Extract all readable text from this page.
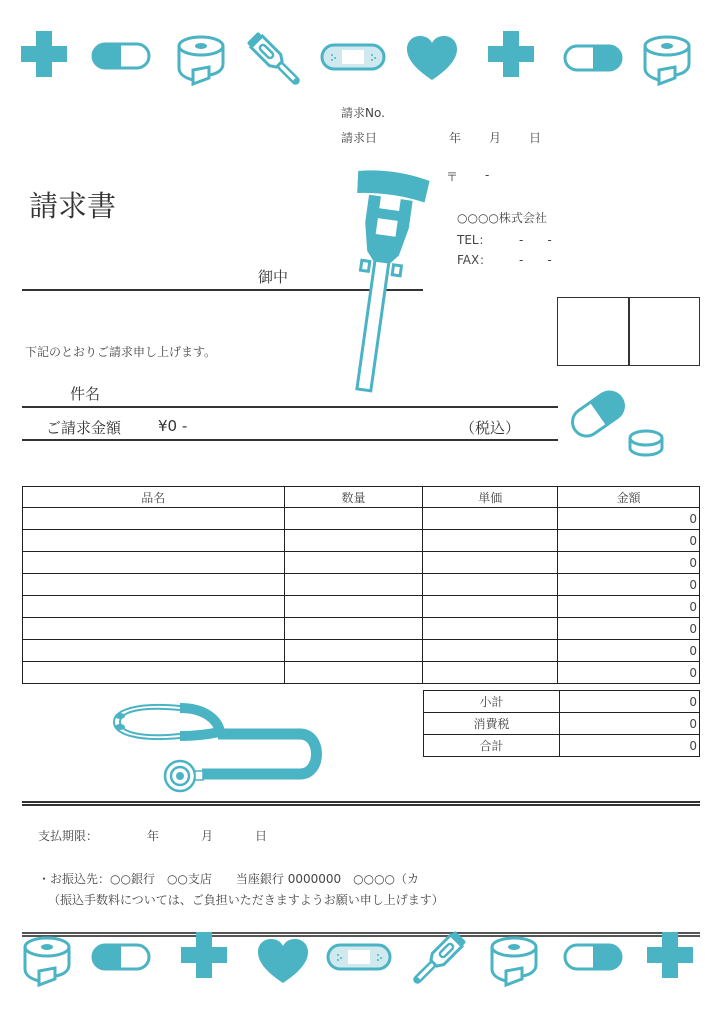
請求No.
請求日	年 月 日
請求書
〒 -
○○○○株式会社
TEL： -　　-
FAX： -　　-
御中
下記のとおりご請求申し上げます。
件名
ご請求金額 ¥0 -	（税込）
品名	数量	単価	金額
			0
			0
			0
			0
			0
			0
			0
			0
小計	0
消費税	0
合計	0
支払期限：	年	月	日
・お振込先：○○銀行　○○支店　　当座銀行 0000000　○○○○（カ
（振込手数料については、ご負担いただきますようお願い申し上げます）
